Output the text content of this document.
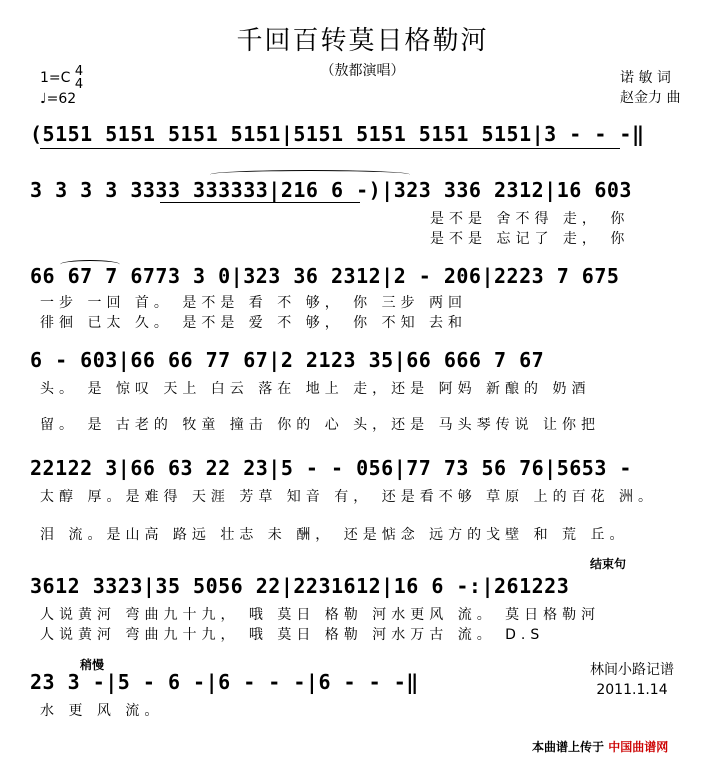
千回百转莫日格勒河
（敖都演唱）
1=C 4
4
♩=62
诺 敏 词
赵金力 曲
(5151 5151 5151 5151|5151 5151 5151 5151|3 - - -‖
3 3 3 3 3333 333333|216 6 -)|323 336 2312|16 603
是不是 舍不得 走， 你
是不是 忘记了 走， 你
66 67 7 6773 3 0|323 36 2312|2 - 206|2223 7 675
一步 一回 首。 是不是 看 不 够， 你 三步 两回
徘徊 已太 久。 是不是 爱 不 够， 你 不知 去和
6 - 603|66 66 77 67|2 2123 35|66 666 7 67
头。 是 惊叹 天上 白云 落在 地上 走，还是 阿妈 新酿的 奶酒
留。 是 古老的 牧童 撞击 你的 心 头，还是 马头琴传说 让你把
22122 3|66 63 22 23|5 - - 056|77 73 56 76|5653 -
太醇 厚。是难得 天涯 芳草 知音 有， 还是看不够 草原 上的百花 洲。
泪 流。是山高 路远 壮志 未 酬， 还是惦念 远方的戈壁 和 荒 丘。
结束句
3612 3323|35 5056 22|2231612|16 6 -:|261223
人说黄河 弯曲九十九， 哦 莫日 格勒 河水更风 流。 莫日格勒河
人说黄河 弯曲九十九， 哦 莫日 格勒 河水万古 流。 D.S
稍慢
23 3 -|5 - 6 -|6 - - -|6 - - -‖
水 更 风 流。
林间小路记谱
2011.1.14
本曲谱上传于 中国曲谱网
